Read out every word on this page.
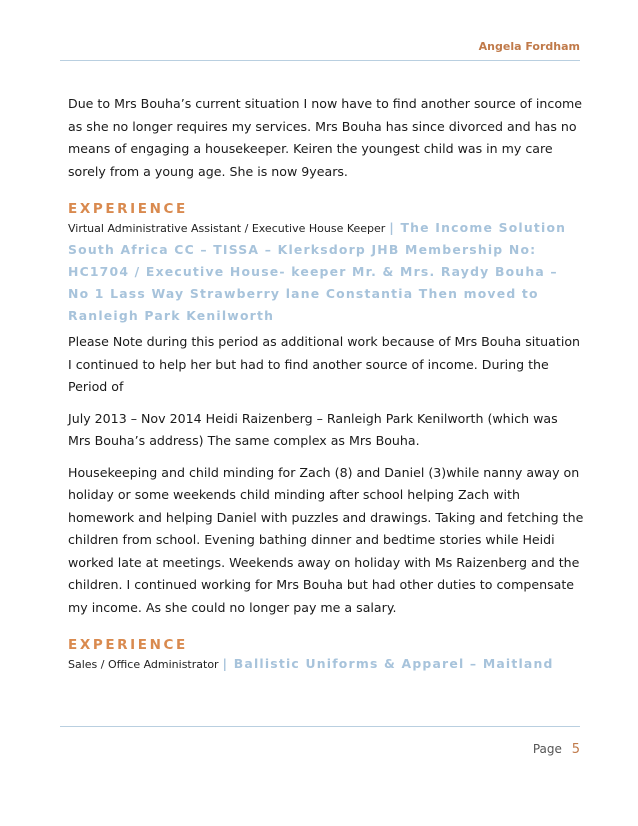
Angela Fordham

Due to Mrs Bouha’s current situation I now have to find another source of income as she no longer requires my services. Mrs Bouha has since divorced and has no means of engaging a housekeeper. Keiren the youngest child was in my care sorely from a young age. She is now 9years.

EXPERIENCE

Virtual Administrative Assistant / Executive House Keeper | The Income Solution South Africa CC – TISSA – Klerksdorp JHB Membership No: HC1704 / Executive House- keeper Mr. & Mrs. Raydy Bouha – No 1 Lass Way Strawberry lane Constantia Then moved to Ranleigh Park Kenilworth

Please Note during this period as additional work because of Mrs Bouha situation I continued to help her but had to find another source of income. During the Period of

July 2013 – Nov 2014 Heidi Raizenberg – Ranleigh Park Kenilworth (which was Mrs Bouha’s address) The same complex as Mrs Bouha.

Housekeeping and child minding for Zach (8) and Daniel (3)while nanny away on holiday or some weekends child minding after school helping Zach with homework and helping Daniel with puzzles and drawings. Taking and fetching the children from school. Evening bathing dinner and bedtime stories while Heidi worked late at meetings. Weekends away on holiday with Ms Raizenberg and the children. I continued working for Mrs Bouha but had other duties to compensate my income. As she could no longer pay me a salary.

EXPERIENCE

Sales / Office Administrator | Ballistic Uniforms & Apparel – Maitland

Page 5
